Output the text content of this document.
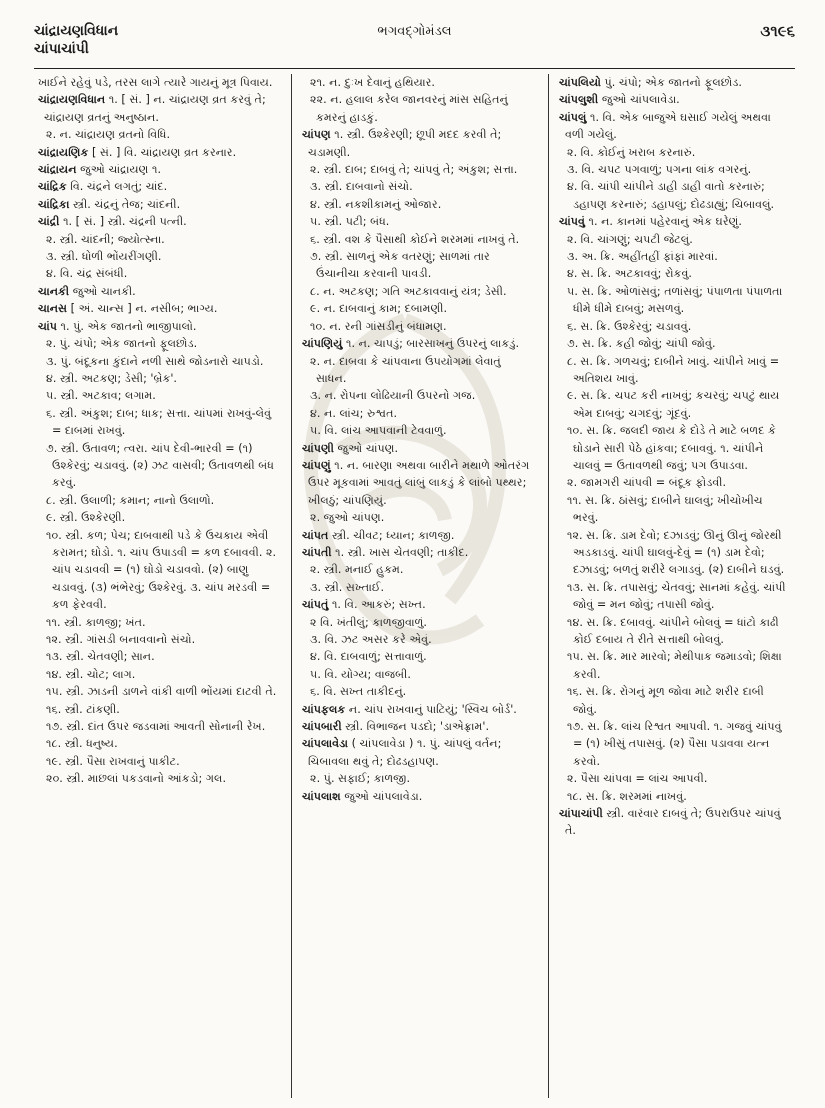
ચાંદ્રાયણવિધાન
ચાંપાચાંપી
ભગવદ્ગોમંડલ	૩૧૯૬

ખાઈને રહેવું પડે, તરસ લાગે ત્યારે ગાયનું મૂત્ર પિવાય.

ચાંદ્રાયણવિધાન ૧. [ સં. ] ન. ચાંદ્રાયણ વ્રત કરવું તે; ચાંદ્રાયણ વ્રતનું અનુષ્ઠાન.

૨. ન. ચાંદ્રાયણ વ્રતનો વિધિ.

ચાંદ્રાયણિક [ સં. ] વિ. ચાંદ્રાયણ વ્રત કરનાર.

ચાંદ્રાયન જુઓ ચાંદ્રાયણ ૧.

ચાંદ્રિક વિ. ચંદ્રને લગતું; ચાંદ.

ચાંદ્રિકા સ્ત્રી. ચંદ્રનું તેજ; ચાંદની.

ચાંદ્રી ૧. [ સં. ] સ્ત્રી. ચંદ્રની પત્ની.

૨. સ્ત્રી. ચાંદની; જ્યોત્સ્ના.

૩. સ્ત્રી. ધોળી ભોંયરીંગણી.

૪. વિ. ચંદ્ર સંબંધી.

ચાનકી જુઓ ચાનકી.

ચાનસ [ અં. ચાન્સ ] ન. નસીબ; ભાગ્ય.

ચાંપ ૧. પું. એક જાતનો ભાજીપાલો.

૨. પું. ચંપો; એક જાતનો ફૂલછોડ.

૩. પું. બંદૂકના કુંદાને નળી સાથે જોડનારો ચાપડો.

૪. સ્ત્રી. અટકણ; ડેસી; 'બ્રેક'.

૫. સ્ત્રી. અટકાવ; લગામ.

૬. સ્ત્રી. અંકુશ; દાબ; ધાક; સત્તા. ચાંપમાં રાખવું-લેવું = દાબમાં રાખવું.

૭. સ્ત્રી. ઉતાવળ; ત્વરા. ચાંપ દેવી-ભારવી = (૧) ઉશ્કેરવું; ચડાવવું. (૨) ઝટ વાસવી; ઉતાવળથી બંધ કરવું.

૮. સ્ત્રી. ઉલાળી; કમાન; નાનો ઉલાળો.

૯. સ્ત્રી. ઉશ્કેરણી.

૧૦. સ્ત્રી. કળ; પેચ; દાબવાથી પડે કે ઉચકાય એવી કરામત; ઘોડો. ૧. ચાંપ ઉપાડવી = કળ દબાવવી. ૨. ચાંપ ચડાવવી = (૧) ઘોડો ચડાવવો. (૨) બાણુ ચડાવવું. (૩) ભંભેરવું; ઉશ્કેરવું. ૩. ચાંપ મરડવી = કળ ફેરવવી.

૧૧. સ્ત્રી. કાળજી; ખંત.

૧૨. સ્ત્રી. ગાંસડી બનાવવાનો સંચો.

૧૩. સ્ત્રી. ચેતવણી; સાન.

૧૪. સ્ત્રી. ચોટ; લાગ.

૧૫. સ્ત્રી. ઝાડની ડાળને વાંકી વાળી ભોંયમાં દાટવી તે.

૧૬. સ્ત્રી. ટાંકણી.

૧૭. સ્ત્રી. દાંત ઉપર જડવામાં આવતી સોનાની રેખ.

૧૮. સ્ત્રી. ધનુષ્ય.

૧૯. સ્ત્રી. પૈસા રાખવાનું પાકીટ.

૨૦. સ્ત્રી. માછલાં પકડવાનો આંકડો; ગલ.

૨૧. ન. દુઃખ દેવાનું હથિયાર.

૨૨. ન. હલાલ કરેલ જાનવરનું માંસ સહિતનું કમરનું હાડકું.

ચાંપણ ૧. સ્ત્રી. ઉશ્કેરણી; છૂપી મદદ કરવી તે; ચડામણી.

૨. સ્ત્રી. દાબ; દાબવું તે; ચાંપવું તે; અંકુશ; સત્તા.

૩. સ્ત્રી. દાબવાનો સંચો.

૪. સ્ત્રી. નકશીકામનું ઓજાર.

૫. સ્ત્રી. પટી; બંધ.

૬. સ્ત્રી. વશ કે પૈસાથી કોઈને શરમમાં નાખવું તે.

૭. સ્ત્રી. સાળનું એક વતરણું; સાળમાં તાર ઉંચાનીચા કરવાની પાવડી.

૮. ન. અટકણ; ગતિ અટકાવવાનું યંત્ર; ડેસી.

૯. ન. દાબવાનું કામ; દબામણી.

૧૦. ન. રની ગાંસડીનું બંધામણ.

ચાંપણિયું ૧. ન. ચાપડું; બારસાખનું ઉપરનું લાકડું.

૨. ન. દાબવા કે ચાંપવાના ઉપયોગમાં લેવાતું સાધન.

૩. ન. રોપના લોઢિયાની ઉપરનો ગજ.

૪. ન. લાંચ; રુશ્વત.

૫. વિ. લાંચ આપવાની ટેવવાળું.

ચાંપણી જુઓ ચાંપણ.

ચાંપણું ૧. ન. બારણા અથવા બારીને મથાળે ઓતરંગ ઉપર મૂકવામાં આવતું લાંબું લાકડું કે લાંબો પથ્થર; ખીલઠું; ચાંપણિયું.

૨. જુઓ ચાંપણ.

ચાંપત સ્ત્રી. ચીવટ; ધ્યાન; કાળજી.

ચાંપતી ૧. સ્ત્રી. ખાસ ચેતવણી; તાકીદ.

૨. સ્ત્રી. મનાઈ હુકમ.

૩. સ્ત્રી. સખ્તાઈ.

ચાંપતું ૧. વિ. આકરું; સખ્ત.

૨ વિ. ખંતીલું; કાળજીવાળું.

૩. વિ. ઝટ અસર કરે એવું.

૪. વિ. દાબવાળું; સત્તાવાળું.

૫. વિ. યોગ્ય; વાજબી.

૬. વિ. સખ્ત તાકીદનું.

ચાંપફલક ન. ચાંપ રાખવાનું પાટિયું; 'સ્વિચ બોર્ડ'.

ચાંપબારી સ્ત્રી. વિભાજન પડદો; 'ડાએફ્રામ'.

ચાંપલાવેડા ( ચાંપલાવેડા ) ૧. પું. ચાંપલું વર્તન; ચિબાવલા થવું તે; દોઢડહાપણ.

૨. પું. સફાઈ; કાળજી.

ચાંપલાશ જુઓ ચાંપલાવેડા.

ચાંપલિયો પું. ચંપો; એક જાતનો ફૂલછોડ.

ચાંપલુશી જુઓ ચાંપલાવેડા.

ચાંપલું ૧. વિ. એક બાજુએ ઘસાઈ ગયેલું અથવા વળી ગયેલું.

૨. વિ. કોઈનું ખરાબ કરનારું.

૩. વિ. ચપટ પગવાળું; પગના લાંક વગરનું.

૪. વિ. ચાંપી ચાંપીને ડાહી ડાહી વાતો કરનારું; ડહાપણ કરનારું; ડહાપલું; દોઢડાહ્યું; ચિબાવલું.

ચાંપવું ૧. ન. કાનમાં પહેરવાનું એક ઘરેણું.

૨. વિ. ચાંગણું; ચપટી જેટલું.

૩. અ. ક્રિ. અહીંતહીં ફાંફાં મારવાં.

૪. સ. ક્રિ. અટકાવવું; રોકવું.

૫. સ. ક્રિ. ઓળાંસવું; તળાંસવું; પંપાળતા પંપાળતા ધીમે ધીમે દાબવું; મસળવું.

૬. સ. ક્રિ. ઉશ્કેરવું; ચડાવવું.

૭. સ. ક્રિ. કહી જોવું; ચાંપી જોવું.

૮. સ. ક્રિ. ગળચવું; દાબીને ખાવું. ચાંપીને ખાવું = અતિશય ખાવું.

૯. સ. ક્રિ. ચપટ કરી નાખવું; કચરવું; ચપટું થાય એમ દાબવું; ચગદવું; ગૂંદવું.

૧૦. સ. ક્રિ. જલદી જાય કે દોડે તે માટે બળદ કે ઘોડાને સારી પેઠે હાંકવા; દબાવવું. ૧. ચાંપીને ચાલવું = ઉતાવળથી જવું; પગ ઉપાડવા.

૨. જામગરી ચાંપવી = બંદૂક ફોડવી.

૧૧. સ. ક્રિ. ઠાંસવું; દાબીને ઘાલવું; ખીચોખીચ ભરવું.

૧૨. સ. ક્રિ. ડામ દેવો; દઝાડવું; ઊનું ઊનું જોરથી અડકાડવું. ચાંપી ઘાલવું-દેવું = (૧) ડામ દેવો; દઝાડવું; બળતું શરીરે લગાડવું. (૨) દાબીને ઘડવું.

૧૩. સ. ક્રિ. તપાસવું; ચેતવવું; સાનમાં કહેવું. ચાંપી જોવું = મન જોવું; તપાસી જોવું.

૧૪. સ. ક્રિ. દબાવવું. ચાંપીને બોલવું = ધાંટો કાઢી કોઈ દબાય તે રીતે સત્તાથી બોલવું.

૧૫. સ. ક્રિ. માર મારવો; મેથીપાક જમાડવો; શિક્ષા કરવી.

૧૬. સ. ક્રિ. રોગનું મૂળ જોવા માટે શરીર દાબી જોવું.

૧૭. સ. ક્રિ. લાંચ રિશ્વત આપવી. ૧. ગજવું ચાંપવું = (૧) ખીસું તપાસવું. (૨) પૈસા પડાવવા યત્ન કરવો.

૨. પૈસા ચાંપવા = લાંચ આપવી.

૧૮. સ. ક્રિ. શરમમાં નાખવું.

ચાંપાચાંપી સ્ત્રી. વારંવાર દાબવું તે; ઉપરાઉપર ચાંપવું તે.
